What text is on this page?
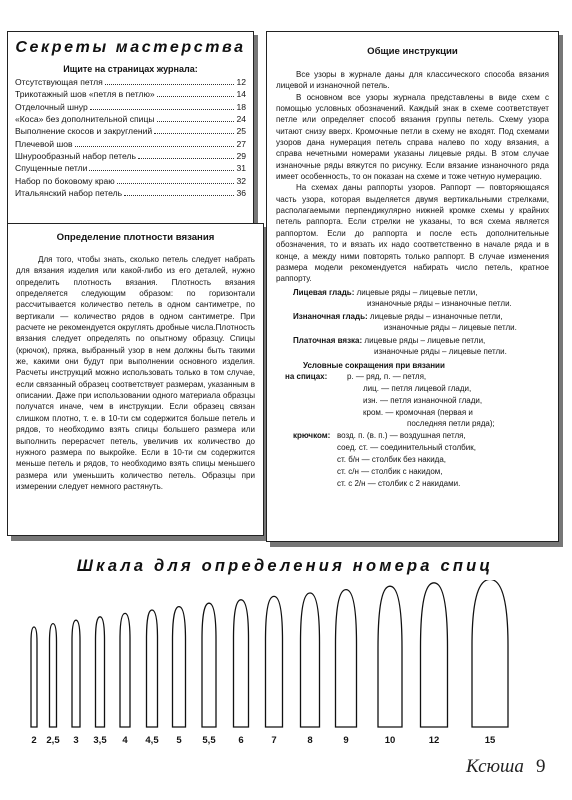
Секреты мастерства
Ищите на страницах журнала:
Отсутствующая петля	12
Трикотажный шов «петля в петлю»	14
Отделочный шнур	18
«Коса» без дополнительной спицы	24
Выполнение скосов и закруглений	25
Плечевой шов	27
Шнурообразный набор петель	29
Спущенные петли	31
Набор по боковому краю	32
Итальянский набор петель	36
Определение плотности вязания

Для того, чтобы знать, сколько петель следует набрать для вязания изделия или какой-либо из его деталей, нужно определить плотность вязания. Плотность вязания определяется следующим образом: по горизонтали рассчитывается количество петель в одном сантиметре, по вертикали — количество рядов в одном сантиметре. При расчете не рекомендуется округлять дробные числа.Плотность вязания следует определять по опытному образцу. Спицы (крючок), пряжа, выбранный узор в нем должны быть такими же, какими они будут при выполнении основного изделия. Расчеты инструкций можно использовать только в том случае, если связанный образец соответствует размерам, указанным в описании. Даже при использовании одного материала образцы получатся иначе, чем в инструкции. Если образец связан слишком плотно, т. е. в 10-ти см содержится больше петель и рядов, то необходимо взять спицы большего размера или выполнить перерасчет петель, увеличив их количество до нужного размера по выкройке. Если в 10-ти см содержится меньше петель и рядов, то необходимо взять спицы меньшего размера или уменьшить количество петель. Образцы при измерении следует немного растянуть.

Общие инструкции

Все узоры в журнале даны для классического способа вязания лицевой и изнаночной петель.

В основном все узоры журнала представлены в виде схем с помощью условных обозначений. Каждый знак в схеме соответствует петле или определяет способ вязания группы петель. Схему узора читают снизу вверх. Кромочные петли в схему не входят. Под схемами узоров дана нумерация петель справа налево по ходу вязания, а справа нечетными номерами указаны лицевые ряды. В этом случае изнаночные ряды вяжутся по рисунку. Если вязание изнаночного ряда имеет особенность, то он показан на схеме и тоже четную нумерацию.

На схемах даны раппорты узоров. Раппорт — повторяющаяся часть узора, которая выделяется двумя вертикальными стрелками, располагаемыми перпендикулярно нижней кромке схемы у крайних петель раппорта. Если стрелки не указаны, то вся схема является раппортом. Если до раппорта и после есть дополнительные обозначения, то и вязать их надо соответственно в начале ряда и в конце, а между ними повторять только раппорт. В случае изменения размера модели рекомендуется набирать число петель, кратное раппорту.

Лицевая гладь: лицевые ряды – лицевые петли,
изнаночные ряды – изнаночные петли.
Изнаночная гладь: лицевые ряды – изнаночные петли,
изнаночные ряды – лицевые петли.
Платочная вязка: лицевые ряды – лицевые петли,
изнаночные ряды – лицевые петли.
Условные сокращения при вязании
на спицах: р. — ряд, п. — петля,
лиц. — петля лицевой глади,
изн. — петля изнаночной глади,
кром. — кромочная (первая и
последняя петли ряда);
крючком: возд. п. (в. п.) — воздушная петля,
соед. ст. — соединительный столбик,
ст. б/н — столбик без накида,
ст. с/н — столбик с накидом,
ст. с 2/н — столбик с 2 накидами.
Шкала для определения номера спиц
2	2,5	3	3,5	4	4,5	5	5,5	6	7	8	9	10	12	15
Ксюша 9
